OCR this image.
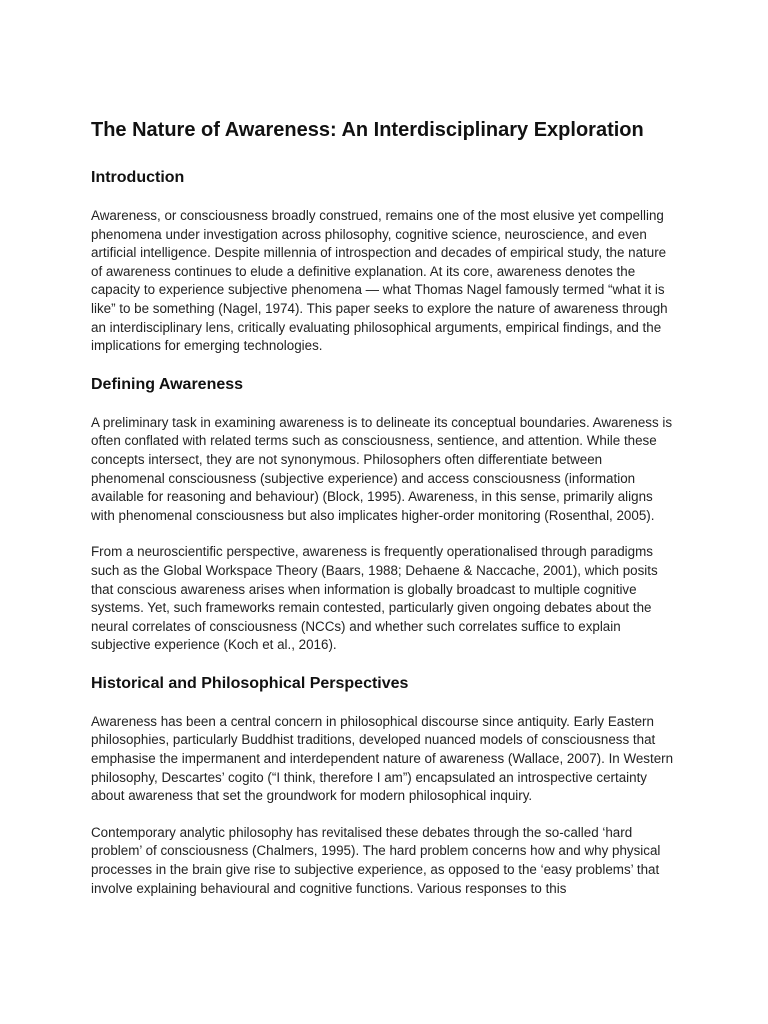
The Nature of Awareness: An Interdisciplinary Exploration
Introduction

Awareness, or consciousness broadly construed, remains one of the most elusive yet compelling phenomena under investigation across philosophy, cognitive science, neuroscience, and even artificial intelligence. Despite millennia of introspection and decades of empirical study, the nature of awareness continues to elude a definitive explanation. At its core, awareness denotes the capacity to experience subjective phenomena — what Thomas Nagel famously termed “what it is like” to be something (Nagel, 1974). This paper seeks to explore the nature of awareness through an interdisciplinary lens, critically evaluating philosophical arguments, empirical findings, and the implications for emerging technologies.

Defining Awareness

A preliminary task in examining awareness is to delineate its conceptual boundaries. Awareness is often conflated with related terms such as consciousness, sentience, and attention. While these concepts intersect, they are not synonymous. Philosophers often differentiate between phenomenal consciousness (subjective experience) and access consciousness (information available for reasoning and behaviour) (Block, 1995). Awareness, in this sense, primarily aligns with phenomenal consciousness but also implicates higher-order monitoring (Rosenthal, 2005).

From a neuroscientific perspective, awareness is frequently operationalised through paradigms such as the Global Workspace Theory (Baars, 1988; Dehaene & Naccache, 2001), which posits that conscious awareness arises when information is globally broadcast to multiple cognitive systems. Yet, such frameworks remain contested, particularly given ongoing debates about the neural correlates of consciousness (NCCs) and whether such correlates suffice to explain subjective experience (Koch et al., 2016).

Historical and Philosophical Perspectives

Awareness has been a central concern in philosophical discourse since antiquity. Early Eastern philosophies, particularly Buddhist traditions, developed nuanced models of consciousness that emphasise the impermanent and interdependent nature of awareness (Wallace, 2007). In Western philosophy, Descartes’ cogito (“I think, therefore I am”) encapsulated an introspective certainty about awareness that set the groundwork for modern philosophical inquiry.

Contemporary analytic philosophy has revitalised these debates through the so-called ‘hard problem’ of consciousness (Chalmers, 1995). The hard problem concerns how and why physical processes in the brain give rise to subjective experience, as opposed to the ‘easy problems’ that involve explaining behavioural and cognitive functions. Various responses to this
